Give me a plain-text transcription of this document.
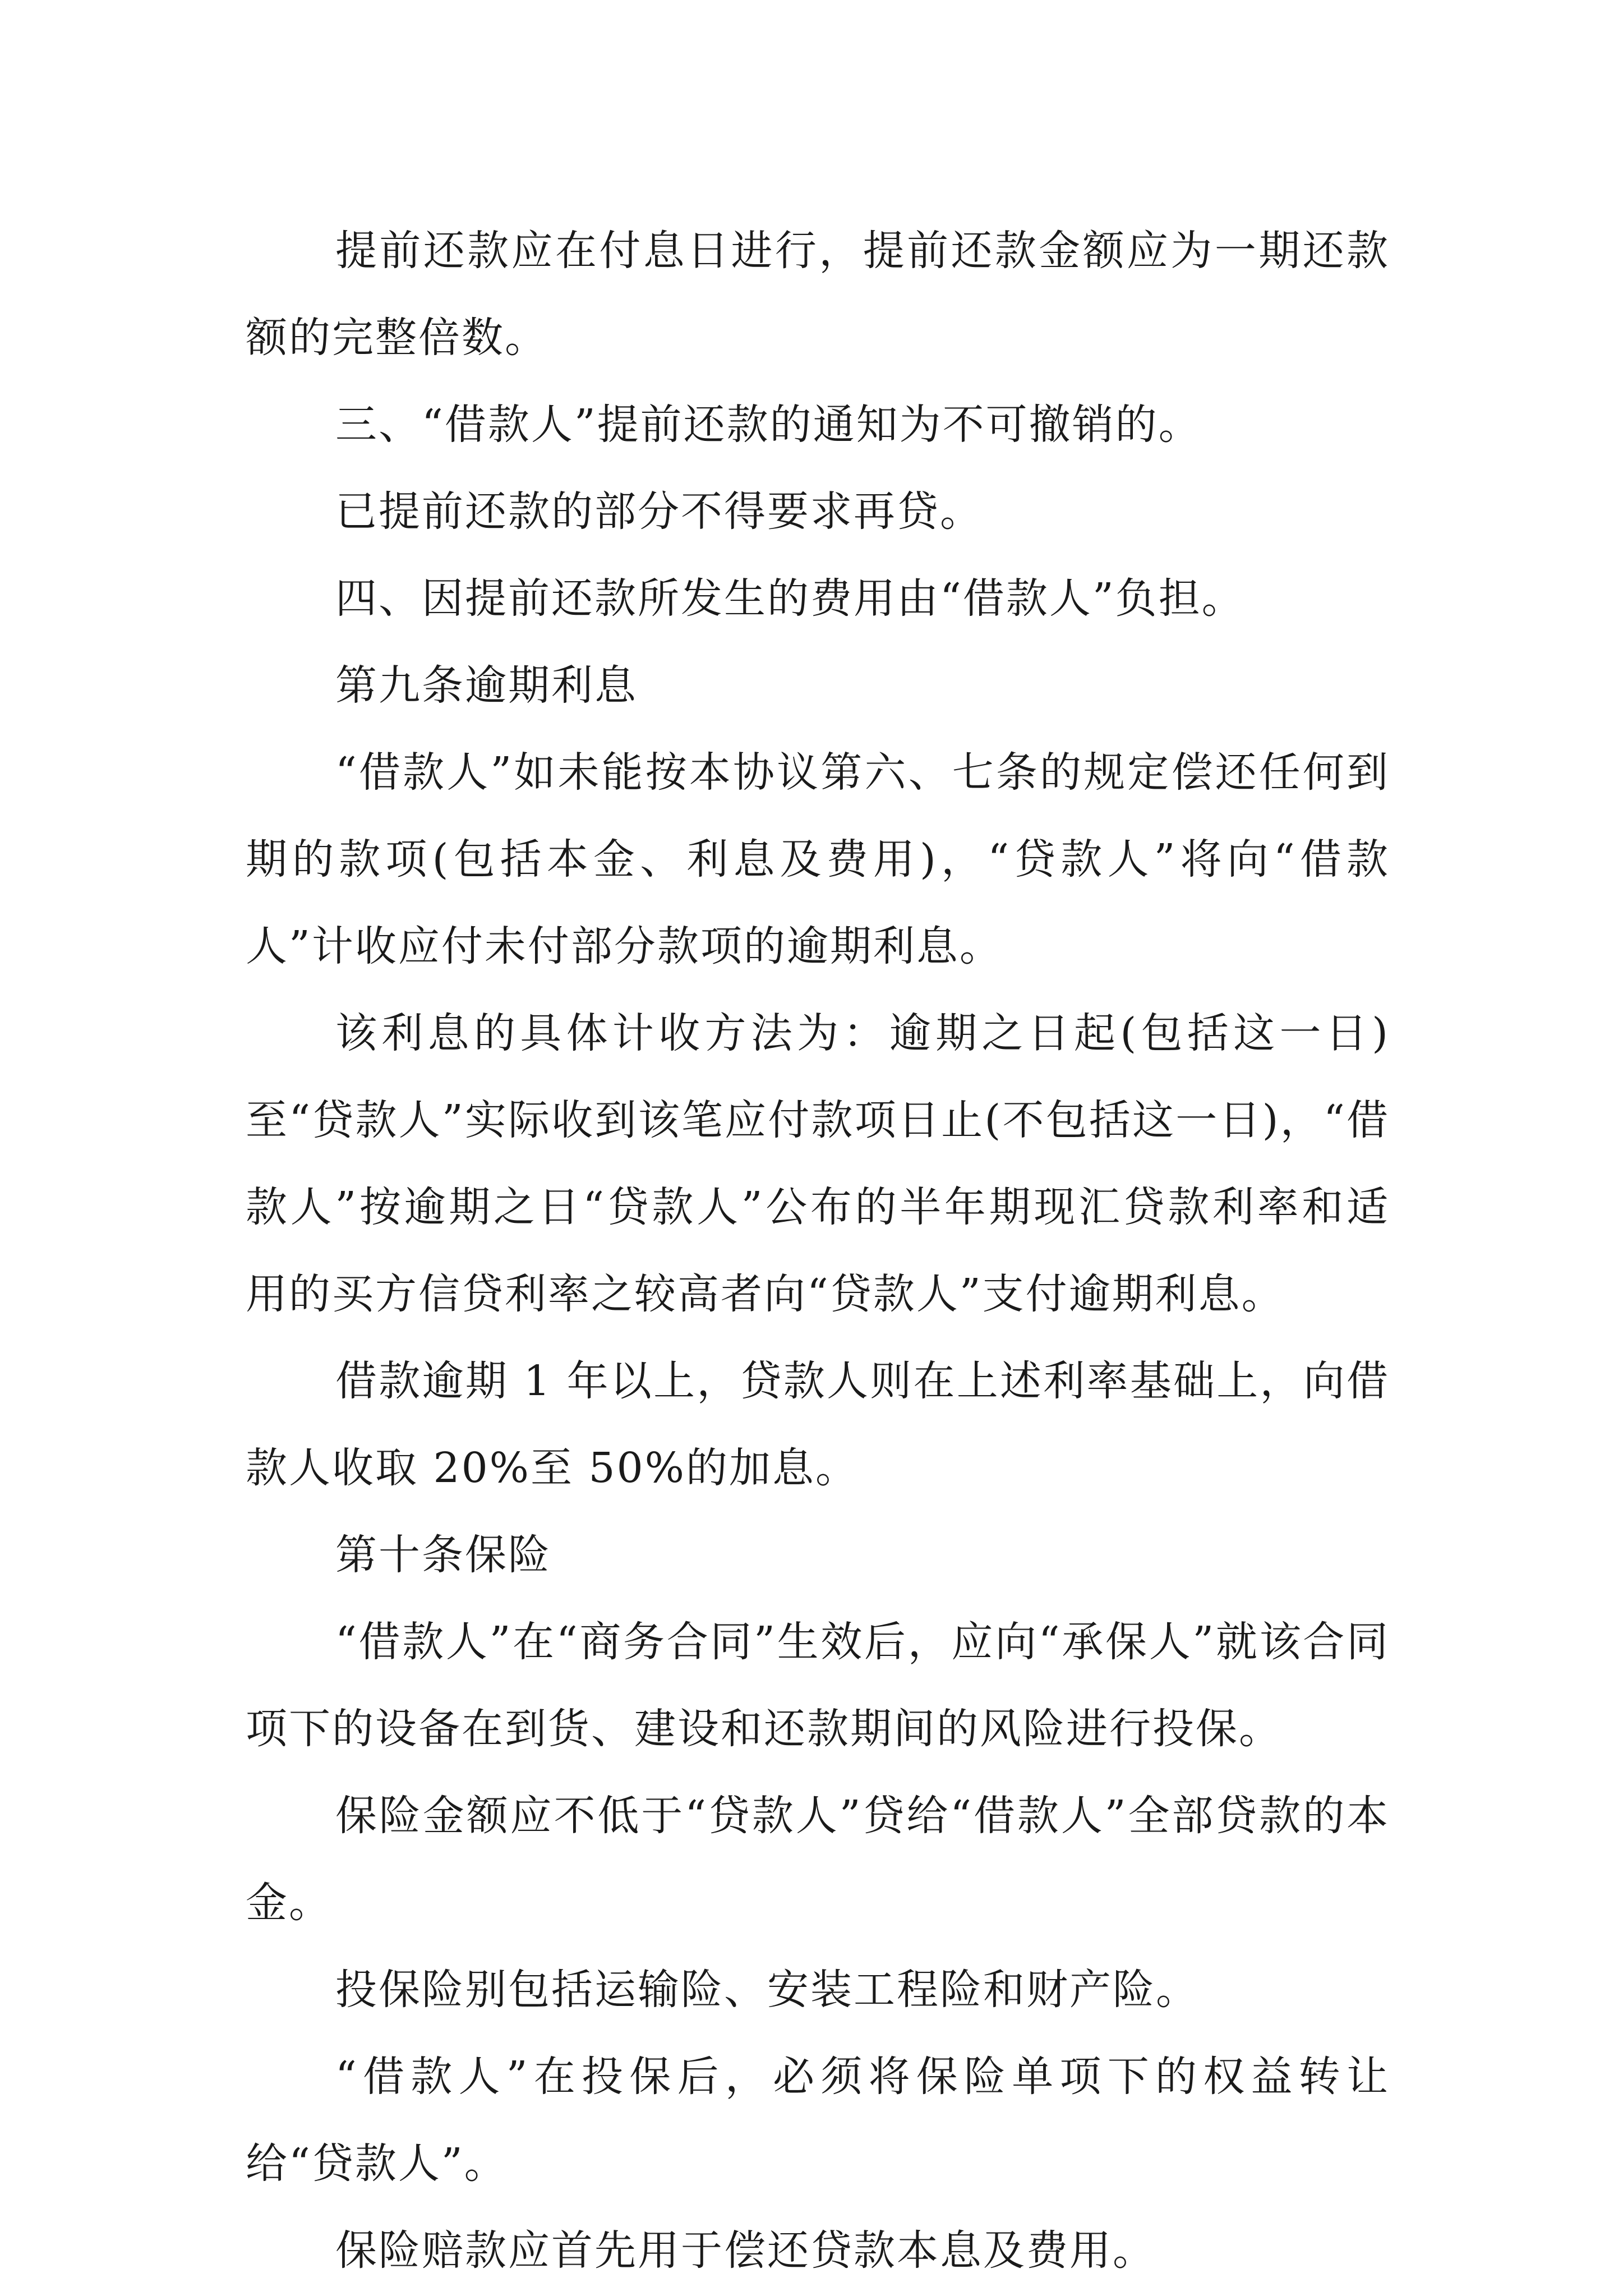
提前还款应在付息日进行，提前还款金额应为一期还款额的完整倍数。

三、“借款人”提前还款的通知为不可撤销的。

已提前还款的部分不得要求再贷。

四、因提前还款所发生的费用由“借款人”负担。

第九条逾期利息

“借款人”如未能按本协议第六、七条的规定偿还任何到期的款项(包括本金、利息及费用)，“贷款人”将向“借款人”计收应付未付部分款项的逾期利息。

该利息的具体计收方法为：逾期之日起(包括这一日)至“贷款人”实际收到该笔应付款项日止(不包括这一日)，“借款人”按逾期之日“贷款人”公布的半年期现汇贷款利率和适用的买方信贷利率之较高者向“贷款人”支付逾期利息。

借款逾期 1 年以上，贷款人则在上述利率基础上，向借款人收取 20%至 50%的加息。

第十条保险

“借款人”在“商务合同”生效后，应向“承保人”就该合同项下的设备在到货、建设和还款期间的风险进行投保。

保险金额应不低于“贷款人”贷给“借款人”全部贷款的本金。

投保险别包括运输险、安装工程险和财产险。

“借款人”在投保后，必须将保险单项下的权益转让给“贷款人”。

保险赔款应首先用于偿还贷款本息及费用。
